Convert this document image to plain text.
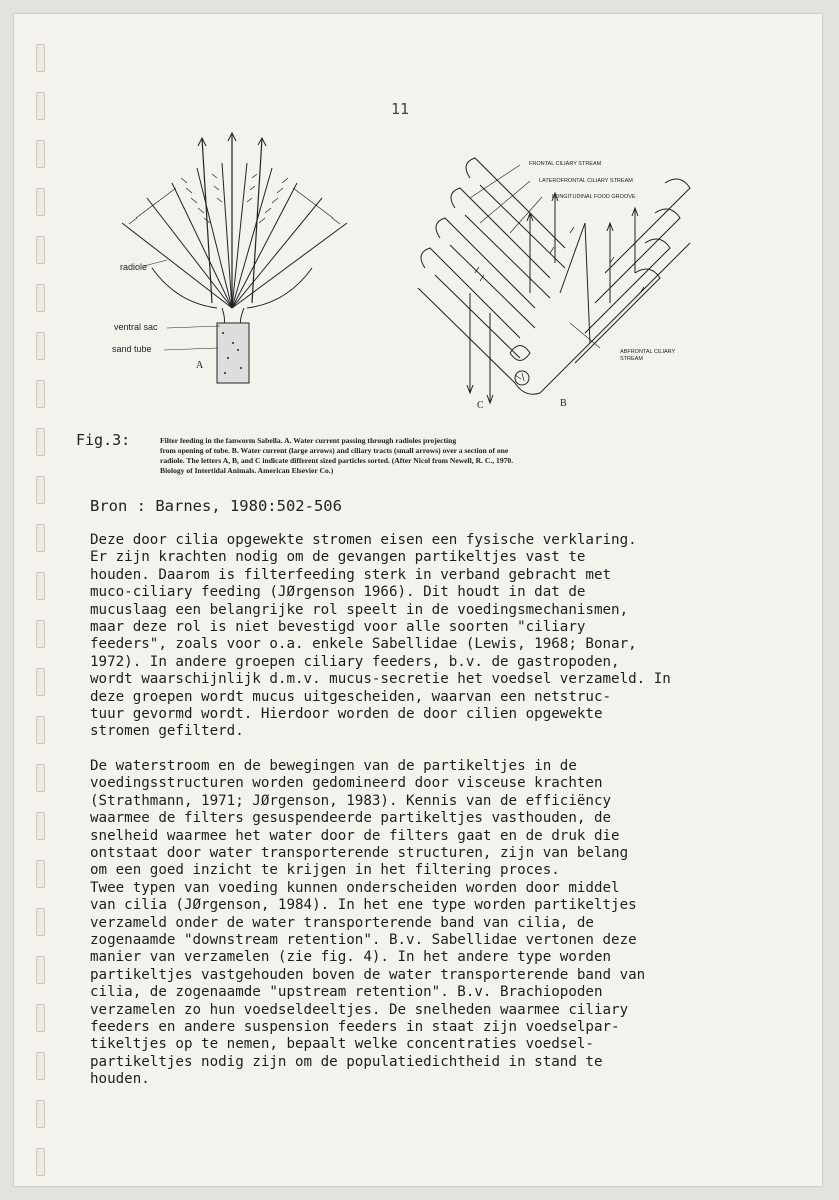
11
radiole
ventral sac
sand tube
A
FRONTAL CILIARY STREAM
LATEROFRONTAL CILIARY STREAM
LONGITUDINAL FOOD GROOVE
ABFRONTAL CILIARY STREAM
B
C
Fig.3:	Filter feeding in the fanworm Sabella. A. Water current passing through radioles projecting
from opening of tube. B. Water current (large arrows) and ciliary tracts (small arrows) over a section of one
radiole. The letters A, B, and C indicate different sized particles sorted. (After Nicol from Newell, R. C., 1970.
Biology of Intertidal Animals. American Elsevier Co.)
Bron : Barnes, 1980:502-506
Deze door cilia opgewekte stromen eisen een fysische verklaring.
Er zijn krachten nodig om de gevangen partikeltjes vast te
houden. Daarom is filterfeeding sterk in verband gebracht met
muco-ciliary feeding (JØrgenson 1966). Dit houdt in dat de
mucuslaag een belangrijke rol speelt in de voedingsmechanismen,
maar deze rol is niet bevestigd voor alle soorten "ciliary
feeders", zoals voor o.a. enkele Sabellidae (Lewis, 1968; Bonar,
1972). In andere groepen ciliary feeders, b.v. de gastropoden,
wordt waarschijnlijk d.m.v. mucus-secretie het voedsel verzameld. In
deze groepen wordt mucus uitgescheiden, waarvan een netstruc-
tuur gevormd wordt. Hierdoor worden de door cilien opgewekte
stromen gefilterd.
De waterstroom en de bewegingen van de partikeltjes in de
voedingsstructuren worden gedomineerd door visceuse krachten
(Strathmann, 1971; JØrgenson, 1983). Kennis van de efficiëncy
waarmee de filters gesuspendeerde partikeltjes vasthouden, de
snelheid waarmee het water door de filters gaat en de druk die
ontstaat door water transporterende structuren, zijn van belang
om een goed inzicht te krijgen in het filtering proces.
Twee typen van voeding kunnen onderscheiden worden door middel
van cilia (JØrgenson, 1984). In het ene type worden partikeltjes
verzameld onder de water transporterende band van cilia, de
zogenaamde "downstream retention". B.v. Sabellidae vertonen deze
manier van verzamelen (zie fig. 4). In het andere type worden
partikeltjes vastgehouden boven de water transporterende band van
cilia, de zogenaamde "upstream retention". B.v. Brachiopoden
verzamelen zo hun voedseldeeltjes. De snelheden waarmee ciliary
feeders en andere suspension feeders in staat zijn voedselpar-
tikeltjes op te nemen, bepaalt welke concentraties voedsel-
partikeltjes nodig zijn om de populatiedichtheid in stand te
houden.
